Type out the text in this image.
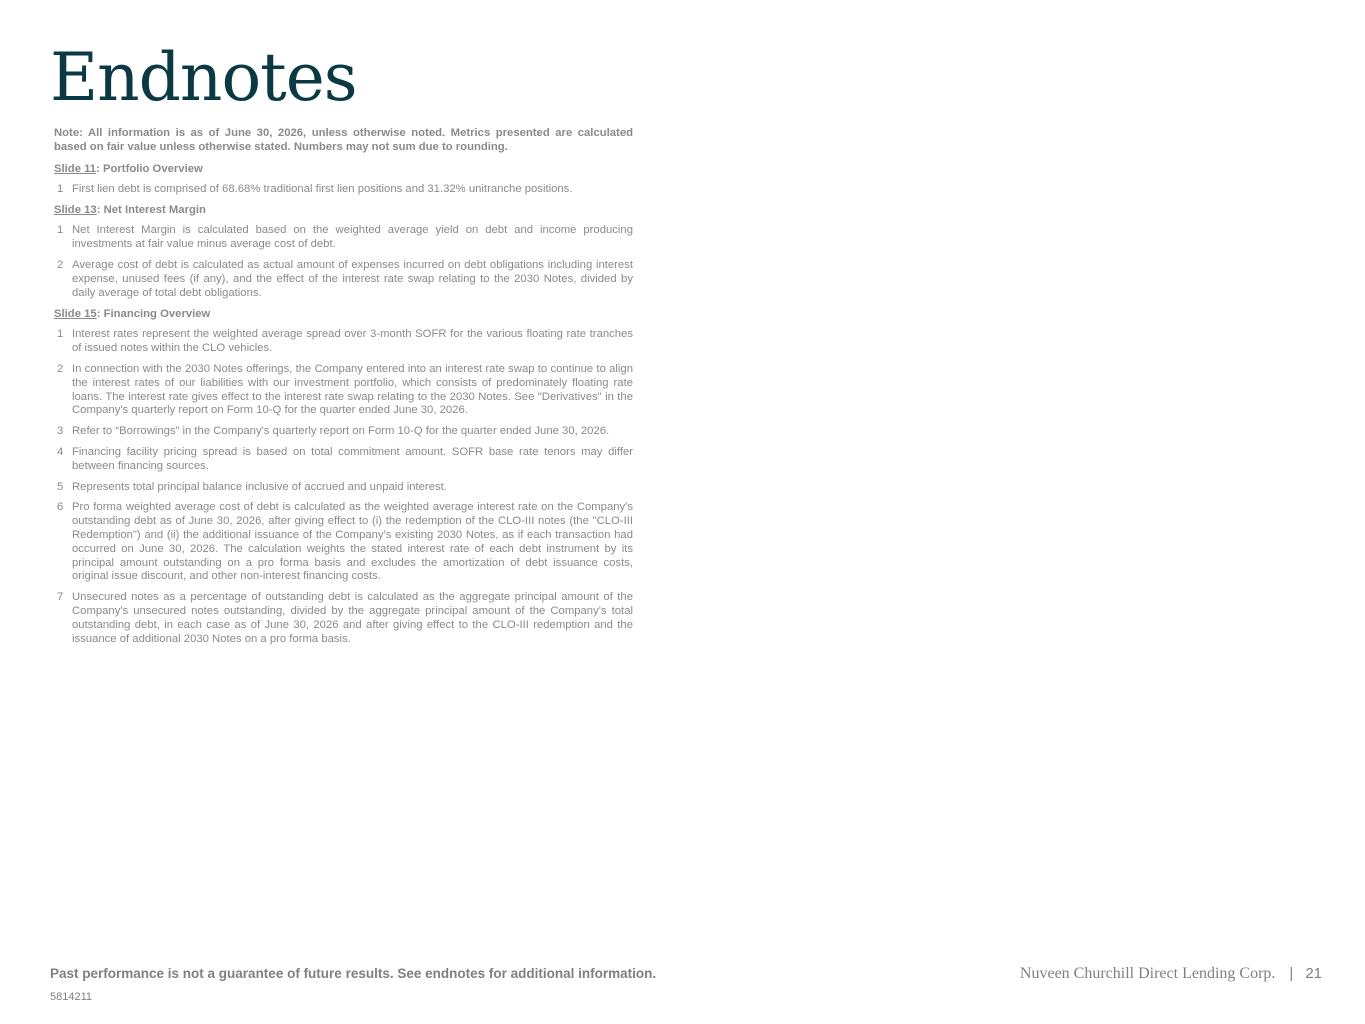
Endnotes

Note: All information is as of June 30, 2026, unless otherwise noted. Metrics presented are calculated based on fair value unless otherwise stated. Numbers may not sum due to rounding.

Slide 11: Portfolio Overview
1 First lien debt is comprised of 68.68% traditional first lien positions and 31.32% unitranche positions.
Slide 13: Net Interest Margin
1 Net Interest Margin is calculated based on the weighted average yield on debt and income producing investments at fair value minus average cost of debt.
2 Average cost of debt is calculated as actual amount of expenses incurred on debt obligations including interest expense, unused fees (if any), and the effect of the interest rate swap relating to the 2030 Notes, divided by daily average of total debt obligations.
Slide 15: Financing Overview
1 Interest rates represent the weighted average spread over 3-month SOFR for the various floating rate tranches of issued notes within the CLO vehicles.
2 In connection with the 2030 Notes offerings, the Company entered into an interest rate swap to continue to align the interest rates of our liabilities with our investment portfolio, which consists of predominately floating rate loans. The interest rate gives effect to the interest rate swap relating to the 2030 Notes. See "Derivatives" in the Company's quarterly report on Form 10-Q for the quarter ended June 30, 2026.
3 Refer to “Borrowings” in the Company's quarterly report on Form 10-Q for the quarter ended June 30, 2026.
4 Financing facility pricing spread is based on total commitment amount. SOFR base rate tenors may differ between financing sources.
5 Represents total principal balance inclusive of accrued and unpaid interest.
6 Pro forma weighted average cost of debt is calculated as the weighted average interest rate on the Company's outstanding debt as of June 30, 2026, after giving effect to (i) the redemption of the CLO-III notes (the "CLO-III Redemption") and (ii) the additional issuance of the Company's existing 2030 Notes, as if each transaction had occurred on June 30, 2026. The calculation weights the stated interest rate of each debt instrument by its principal amount outstanding on a pro forma basis and excludes the amortization of debt issuance costs, original issue discount, and other non-interest financing costs.
7 Unsecured notes as a percentage of outstanding debt is calculated as the aggregate principal amount of the Company's unsecured notes outstanding, divided by the aggregate principal amount of the Company's total outstanding debt, in each case as of June 30, 2026 and after giving effect to the CLO-III redemption and the issuance of additional 2030 Notes on a pro forma basis.
Past performance is not a guarantee of future results. See endnotes for additional information.
5814211
Nuveen Churchill Direct Lending Corp. | 21
